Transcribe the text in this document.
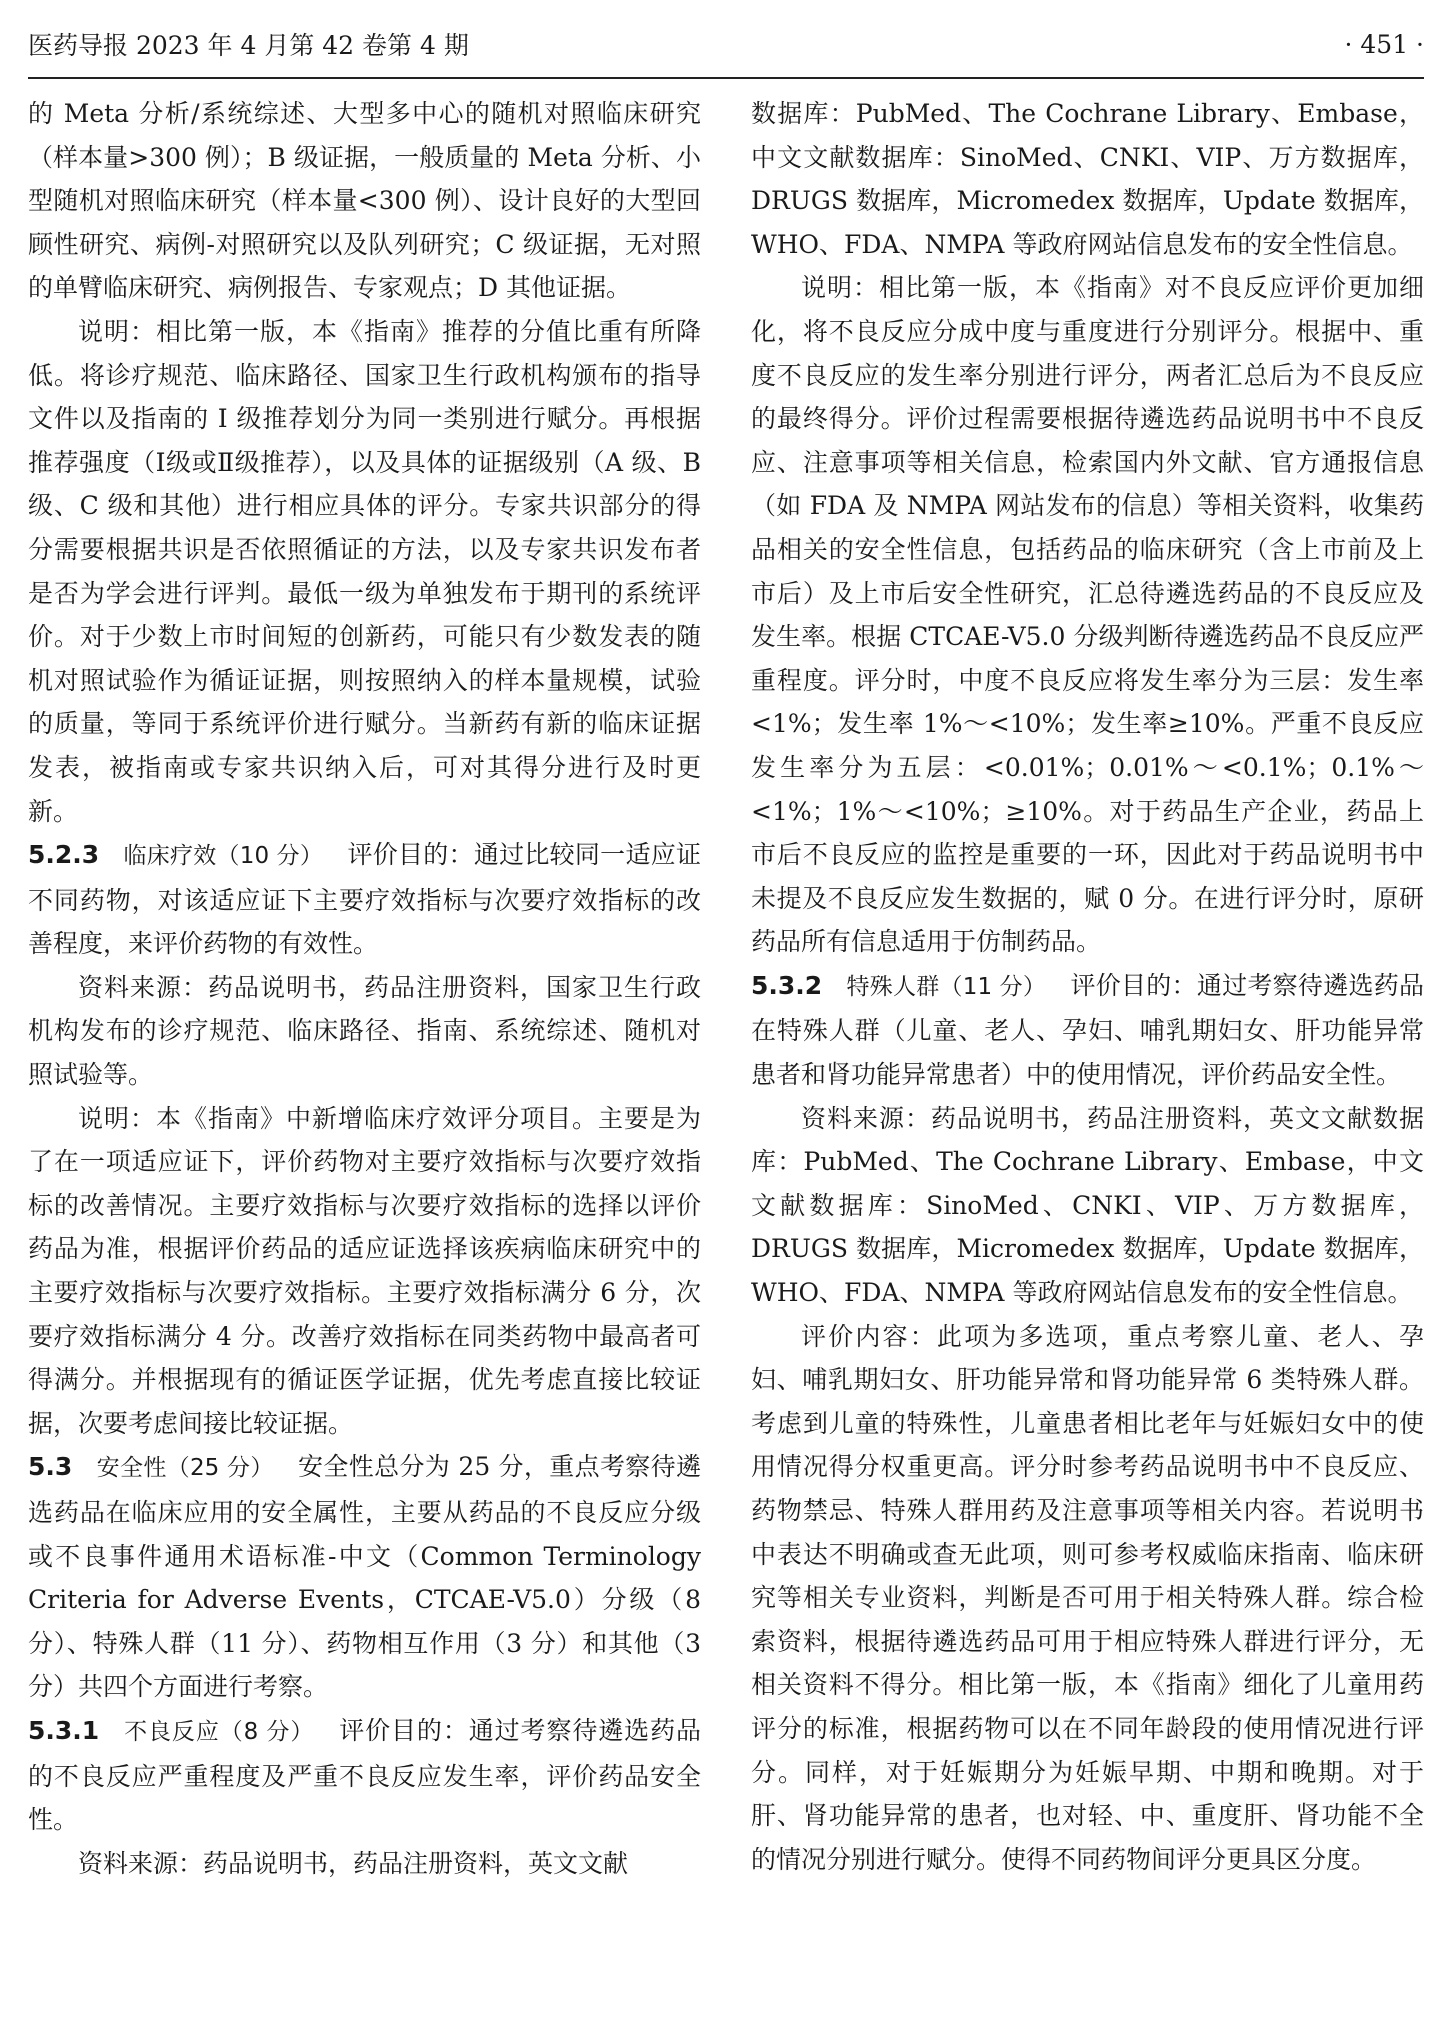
医药导报 2023 年 4 月第 42 卷第 4 期	· 451 ·

的 Meta 分析/系统综述、大型多中心的随机对照临床研究（样本量>300 例）；B 级证据，一般质量的 Meta 分析、小型随机对照临床研究（样本量<300 例）、设计良好的大型回顾性研究、病例-对照研究以及队列研究；C 级证据，无对照的单臂临床研究、病例报告、专家观点；D 其他证据。

说明：相比第一版，本《指南》推荐的分值比重有所降低。将诊疗规范、临床路径、国家卫生行政机构颁布的指导文件以及指南的 I 级推荐划分为同一类别进行赋分。再根据推荐强度（Ⅰ级或Ⅱ级推荐），以及具体的证据级别（A 级、B 级、C 级和其他）进行相应具体的评分。专家共识部分的得分需要根据共识是否依照循证的方法，以及专家共识发布者是否为学会进行评判。最低一级为单独发布于期刊的系统评价。对于少数上市时间短的创新药，可能只有少数发表的随机对照试验作为循证证据，则按照纳入的样本量规模，试验的质量，等同于系统评价进行赋分。当新药有新的临床证据发表，被指南或专家共识纳入后，可对其得分进行及时更新。

5.2.3 临床疗效（10 分） 评价目的：通过比较同一适应证不同药物，对该适应证下主要疗效指标与次要疗效指标的改善程度，来评价药物的有效性。

资料来源：药品说明书，药品注册资料，国家卫生行政机构发布的诊疗规范、临床路径、指南、系统综述、随机对照试验等。

说明：本《指南》中新增临床疗效评分项目。主要是为了在一项适应证下，评价药物对主要疗效指标与次要疗效指标的改善情况。主要疗效指标与次要疗效指标的选择以评价药品为准，根据评价药品的适应证选择该疾病临床研究中的主要疗效指标与次要疗效指标。主要疗效指标满分 6 分，次要疗效指标满分 4 分。改善疗效指标在同类药物中最高者可得满分。并根据现有的循证医学证据，优先考虑直接比较证据，次要考虑间接比较证据。

5.3 安全性（25 分） 安全性总分为 25 分，重点考察待遴选药品在临床应用的安全属性，主要从药品的不良反应分级或不良事件通用术语标准-中文（Common Terminology Criteria for Adverse Events，CTCAE-V5.0）分级（8 分）、特殊人群（11 分）、药物相互作用（3 分）和其他（3 分）共四个方面进行考察。

5.3.1 不良反应（8 分） 评价目的：通过考察待遴选药品的不良反应严重程度及严重不良反应发生率，评价药品安全性。

资料来源：药品说明书，药品注册资料，英文文献

数据库：PubMed、The Cochrane Library、Embase，中文文献数据库：SinoMed、CNKI、VIP、万方数据库，DRUGS 数据库，Micromedex 数据库，Update 数据库，WHO、FDA、NMPA 等政府网站信息发布的安全性信息。

说明：相比第一版，本《指南》对不良反应评价更加细化，将不良反应分成中度与重度进行分别评分。根据中、重度不良反应的发生率分别进行评分，两者汇总后为不良反应的最终得分。评价过程需要根据待遴选药品说明书中不良反应、注意事项等相关信息，检索国内外文献、官方通报信息（如 FDA 及 NMPA 网站发布的信息）等相关资料，收集药品相关的安全性信息，包括药品的临床研究（含上市前及上市后）及上市后安全性研究，汇总待遴选药品的不良反应及发生率。根据 CTCAE-V5.0 分级判断待遴选药品不良反应严重程度。评分时，中度不良反应将发生率分为三层：发生率<1%；发生率 1%～<10%；发生率≥10%。严重不良反应发生率分为五层：<0.01%；0.01%～<0.1%；0.1%～<1%；1%～<10%；≥10%。对于药品生产企业，药品上市后不良反应的监控是重要的一环，因此对于药品说明书中未提及不良反应发生数据的，赋 0 分。在进行评分时，原研药品所有信息适用于仿制药品。

5.3.2 特殊人群（11 分） 评价目的：通过考察待遴选药品在特殊人群（儿童、老人、孕妇、哺乳期妇女、肝功能异常患者和肾功能异常患者）中的使用情况，评价药品安全性。

资料来源：药品说明书，药品注册资料，英文文献数据库：PubMed、The Cochrane Library、Embase，中文文献数据库：SinoMed、CNKI、VIP、万方数据库，DRUGS 数据库，Micromedex 数据库，Update 数据库，WHO、FDA、NMPA 等政府网站信息发布的安全性信息。

评价内容：此项为多选项，重点考察儿童、老人、孕妇、哺乳期妇女、肝功能异常和肾功能异常 6 类特殊人群。考虑到儿童的特殊性，儿童患者相比老年与妊娠妇女中的使用情况得分权重更高。评分时参考药品说明书中不良反应、药物禁忌、特殊人群用药及注意事项等相关内容。若说明书中表达不明确或查无此项，则可参考权威临床指南、临床研究等相关专业资料，判断是否可用于相关特殊人群。综合检索资料，根据待遴选药品可用于相应特殊人群进行评分，无相关资料不得分。相比第一版，本《指南》细化了儿童用药评分的标准，根据药物可以在不同年龄段的使用情况进行评分。同样，对于妊娠期分为妊娠早期、中期和晚期。对于肝、肾功能异常的患者，也对轻、中、重度肝、肾功能不全的情况分别进行赋分。使得不同药物间评分更具区分度。
